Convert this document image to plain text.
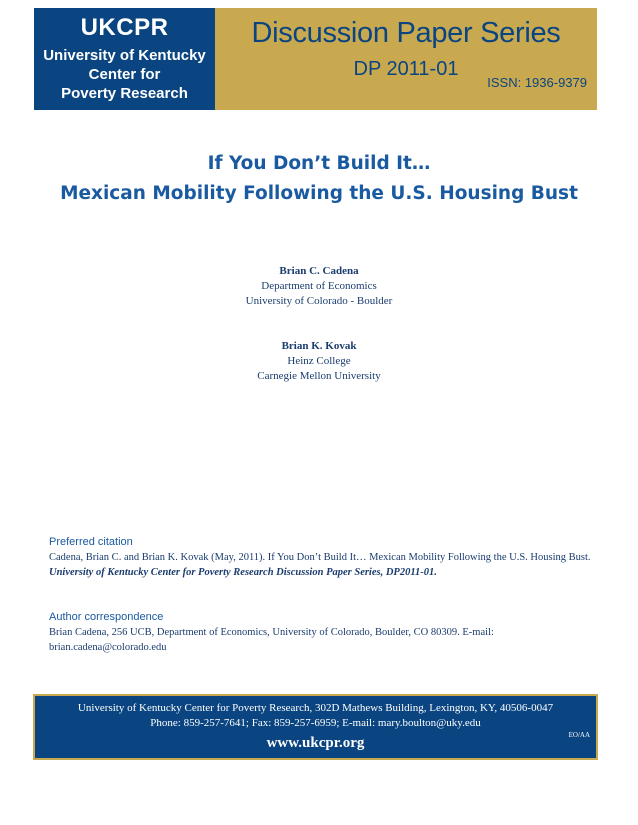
UKCPR
University of Kentucky
Center for
Poverty Research
Discussion Paper Series
DP 2011-01
ISSN: 1936-9379
If You Don’t Build It…
Mexican Mobility Following the U.S. Housing Bust
Brian C. Cadena
Department of Economics
University of Colorado - Boulder
Brian K. Kovak
Heinz College
Carnegie Mellon University
Preferred citation
Cadena, Brian C. and Brian K. Kovak (May, 2011). If You Don’t Build It… Mexican Mobility Following the U.S. Housing Bust. University of Kentucky Center for Poverty Research Discussion Paper Series, DP2011-01.
Author correspondence
Brian Cadena, 256 UCB, Department of Economics, University of Colorado, Boulder, CO 80309. E-mail: brian.cadena@colorado.edu
University of Kentucky Center for Poverty Research, 302D Mathews Building, Lexington, KY, 40506-0047
Phone: 859-257-7641; Fax: 859-257-6959; E-mail: mary.boulton@uky.edu
www.ukcpr.org	EO/AA
